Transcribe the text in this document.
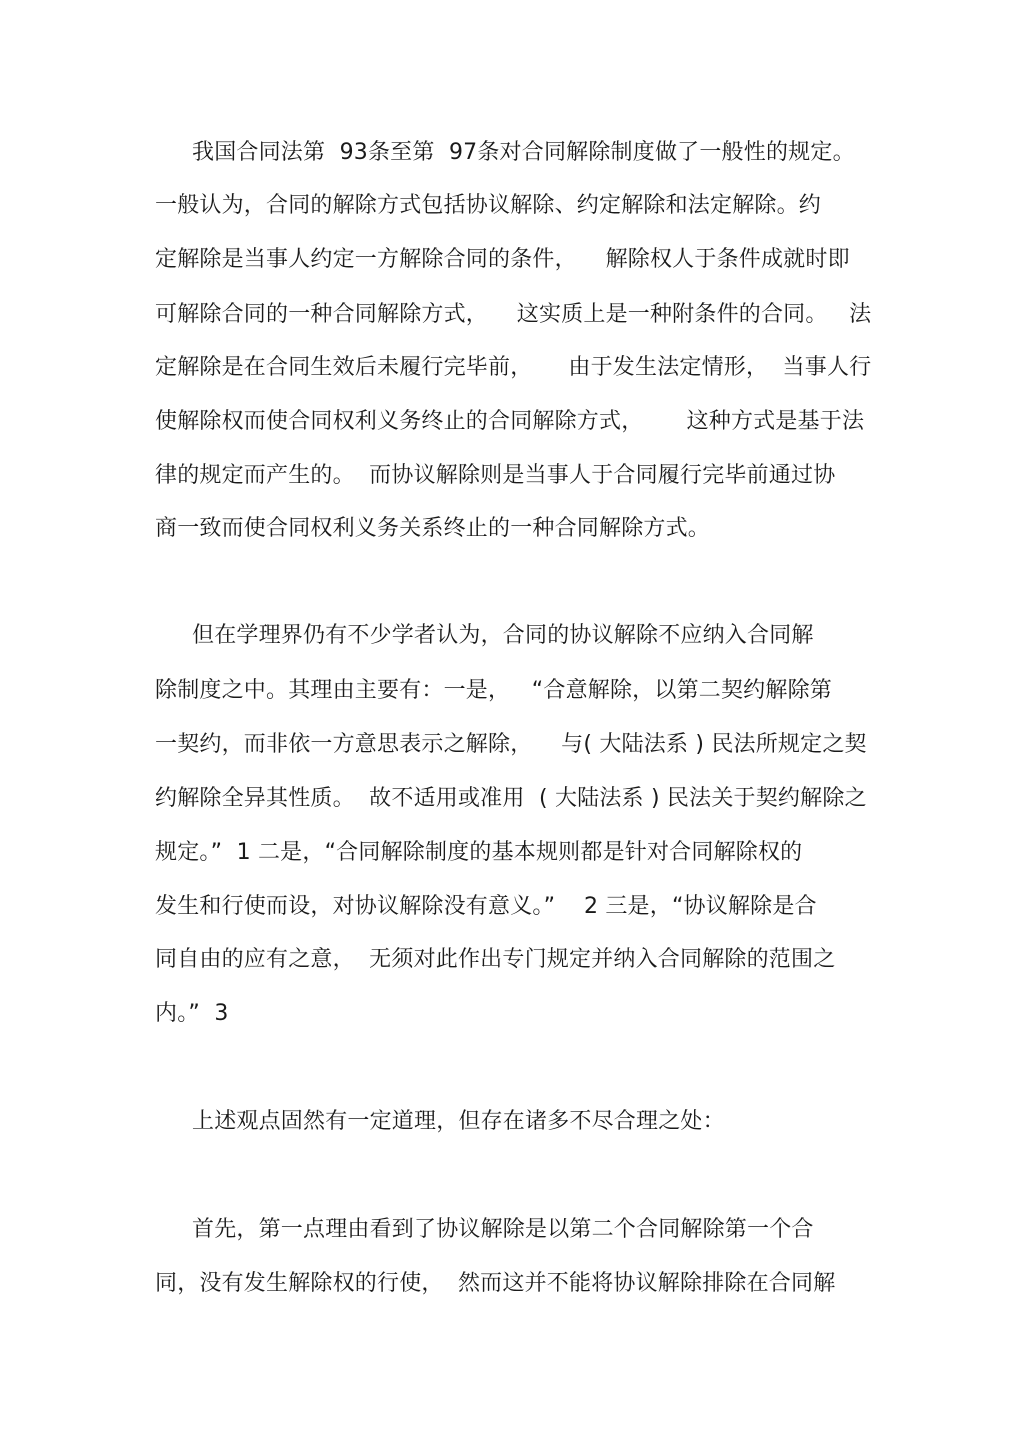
我国合同法第  93条至第  97条对合同解除制度做了一般性的规定。
一般认为，合同的解除方式包括协议解除、约定解除和法定解除。约
定解除是当事人约定一方解除合同的条件，    解除权人于条件成就时即
可解除合同的一种合同解除方式，    这实质上是一种附条件的合同。   法
定解除是在合同生效后未履行完毕前，     由于发生法定情形，  当事人行
使解除权而使合同权利义务终止的合同解除方式，      这种方式是基于法
律的规定而产生的。  而协议解除则是当事人于合同履行完毕前通过协
商一致而使合同权利义务关系终止的一种合同解除方式。
但在学理界仍有不少学者认为，合同的协议解除不应纳入合同解
除制度之中。其理由主要有：一是，   “合意解除，以第二契约解除第
一契约，而非依一方意思表示之解除，    与( 大陆法系 ) 民法所规定之契
约解除全异其性质。  故不适用或准用  ( 大陆法系 ) 民法关于契约解除之
规定。”  1 二是，“合同解除制度的基本规则都是针对合同解除权的
发生和行使而设，对协议解除没有意义。”    2 三是，“协议解除是合
同自由的应有之意，  无须对此作出专门规定并纳入合同解除的范围之
内。”  3
上述观点固然有一定道理，但存在诸多不尽合理之处：
首先，第一点理由看到了协议解除是以第二个合同解除第一个合
同，没有发生解除权的行使，  然而这并不能将协议解除排除在合同解
